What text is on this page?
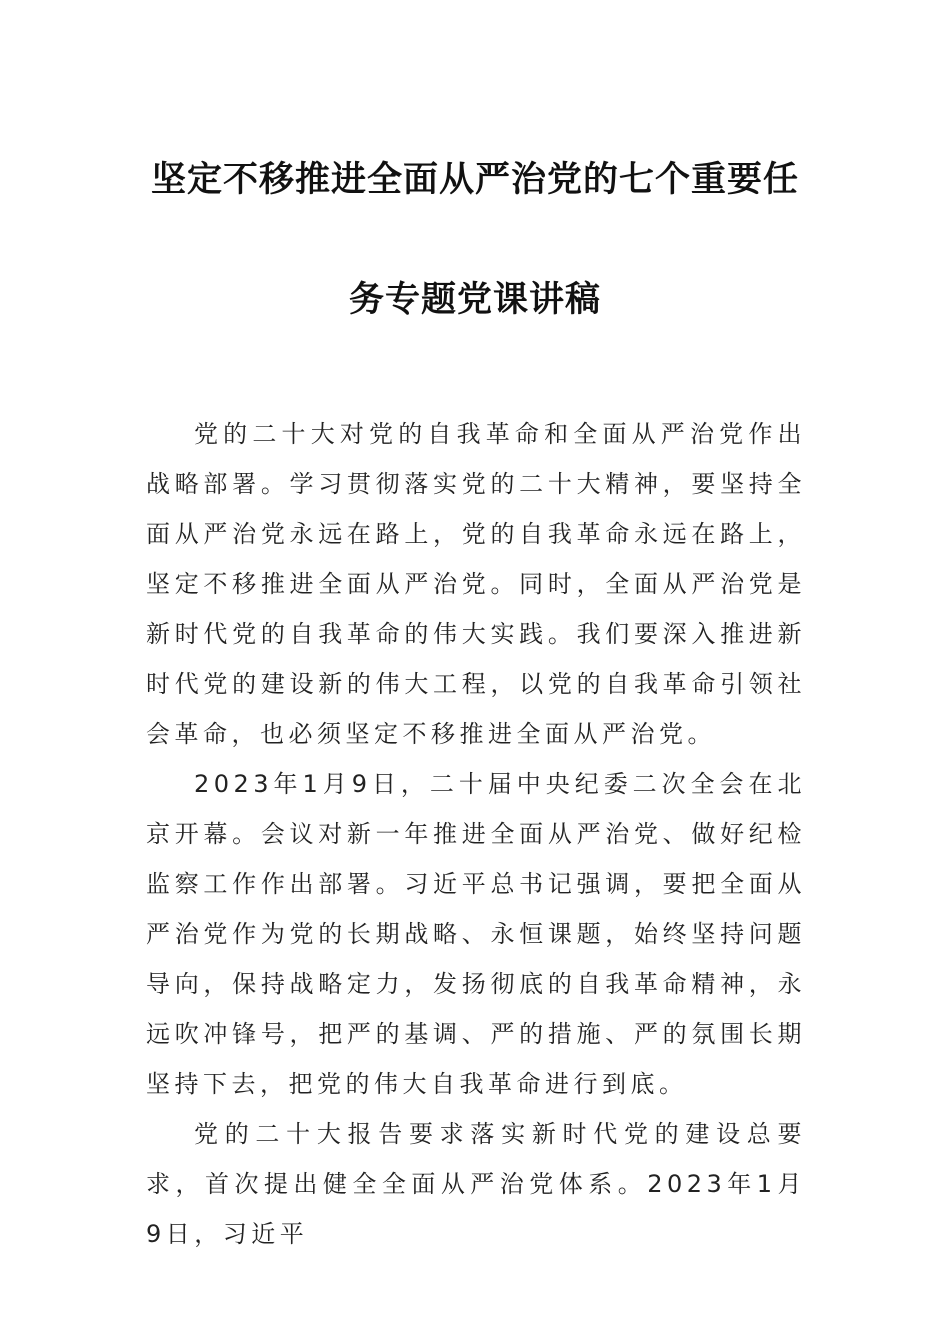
坚定不移推进全面从严治党的七个重要任
务专题党课讲稿

党的二十大对党的自我革命和全面从严治党作出战略部署。学习贯彻落实党的二十大精神，要坚持全面从严治党永远在路上，党的自我革命永远在路上，坚定不移推进全面从严治党。同时，全面从严治党是新时代党的自我革命的伟大实践。我们要深入推进新时代党的建设新的伟大工程，以党的自我革命引领社会革命，也必须坚定不移推进全面从严治党。

2023年1月9日，二十届中央纪委二次全会在北京开幕。会议对新一年推进全面从严治党、做好纪检监察工作作出部署。习近平总书记强调，要把全面从严治党作为党的长期战略、永恒课题，始终坚持问题导向，保持战略定力，发扬彻底的自我革命精神，永远吹冲锋号，把严的基调、严的措施、严的氛围长期坚持下去，把党的伟大自我革命进行到底。

党的二十大报告要求落实新时代党的建设总要求，首次提出健全全面从严治党体系。2023年1月9日，习近平
